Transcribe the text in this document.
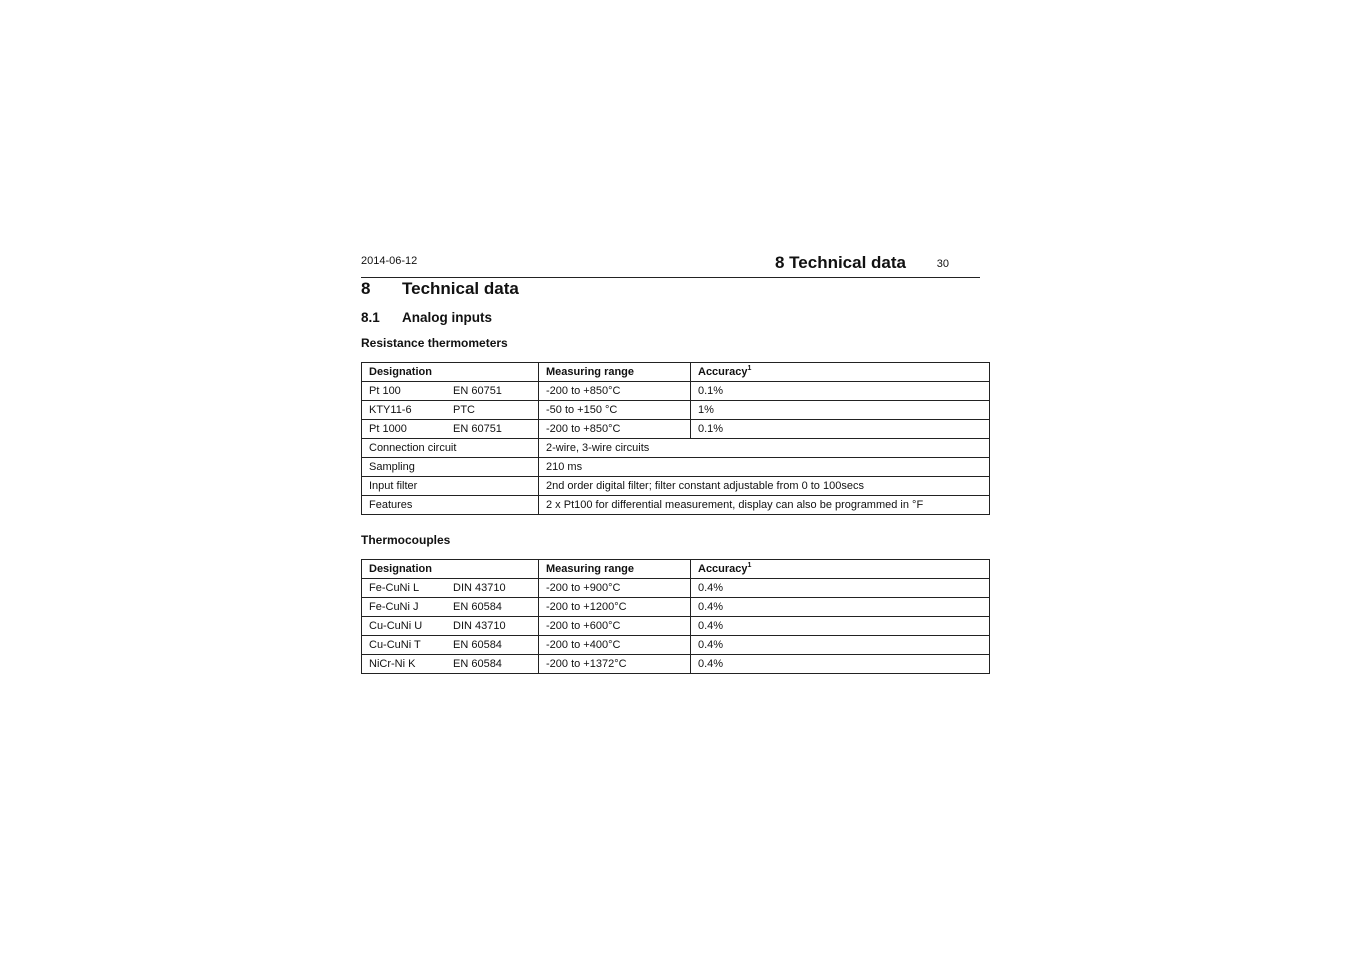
2014-06-12	8 Technical data	30
8 Technical data
8.1 Analog inputs
Resistance thermometers
Designation	Measuring range	Accuracy$^1$
Pt 100 EN 60751	-200 to +850°C	0.1%
KTY11-6 PTC	-50 to +150 °C	1%
Pt 1000 EN 60751	-200 to +850°C	0.1%
Connection circuit	2-wire, 3-wire circuits	
Sampling	210 ms	
Input filter	2nd order digital filter; filter constant adjustable from 0 to 100secs	
Features	2 x Pt100 for differential measurement, display can also be programmed in °F	
Thermocouples
Designation	Measuring range	Accuracy$^1$
Fe-CuNi L DIN 43710	-200 to +900°C	0.4%
Fe-CuNi J EN 60584	-200 to +1200°C	0.4%
Cu-CuNi U DIN 43710	-200 to +600°C	0.4%
Cu-CuNi T EN 60584	-200 to +400°C	0.4%
NiCr-Ni K EN 60584	-200 to +1372°C	0.4%
